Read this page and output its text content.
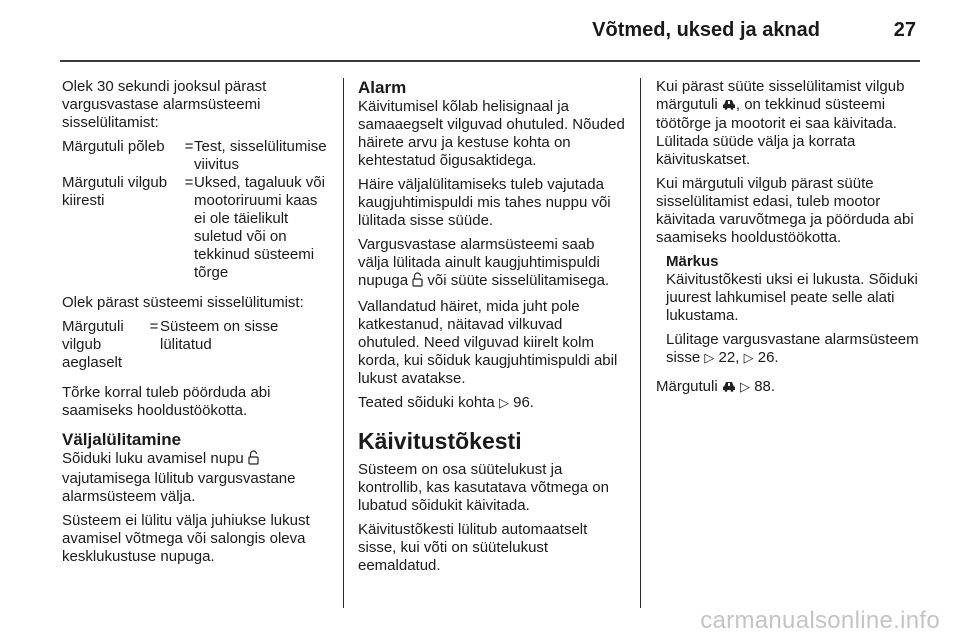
Võtmed, uksed ja aknad	27

Olek 30 sekundi jooksul pärast vargusvastase alarmsüsteemi sisselülitamist:

Märgutuli põleb	= Test, sisselülitumise viivitus
Märgutuli vilgub kiiresti
= Uksed, tagaluuk või mootoriruumi kaas ei ole täielikult suletud või on tekkinud süsteemi tõrge

Olek pärast süsteemi sisselülitumist:

Märgutuli vilgub aeglaselt
= Süsteem on sisse lülitatud

Tõrke korral tuleb pöörduda abi saamiseks hooldustöökotta.

Väljalülitamine

Sõiduki luku avamisel nupu  vajutamisega lülitub vargusvastane alarmsüsteem välja.

Süsteem ei lülitu välja juhiukse lukust avamisel võtmega või salongis oleva kesklukustuse nupuga.

Alarm

Käivitumisel kõlab helisignaal ja samaaegselt vilguvad ohutuled. Nõuded häirete arvu ja kestuse kohta on kehtestatud õigusaktidega.

Häire väljalülitamiseks tuleb vajutada kaugjuhtimispuldi mis tahes nuppu või lülitada sisse süüde.

Vargusvastase alarmsüsteemi saab välja lülitada ainult kaugjuhtimispuldi nupuga või süüte sisselülitamisega.

Vallandatud häiret, mida juht pole katkestanud, näitavad vilkuvad ohutuled. Need vilguvad kiirelt kolm korda, kui sõiduk kaugjuhtimispuldi abil lukust avatakse.

Teated sõiduki kohta ▷ 96.

Käivitustõkesti

Süsteem on osa süütelukust ja kontrollib, kas kasutatava võtmega on lubatud sõidukit käivitada.

Käivitustõkesti lülitub automaatselt sisse, kui võti on süütelukust eemaldatud.

Kui pärast süüte sisselülitamist vilgub märgutuli , on tekkinud süsteemi töötõrge ja mootorit ei saa käivitada. Lülitada süüde välja ja korrata käivituskatset.

Kui märgutuli vilgub pärast süüte sisselülitamist edasi, tuleb mootor käivitada varuvõtmega ja pöörduda abi saamiseks hooldustöökotta.

Märkus

Käivitustõkesti uksi ei lukusta. Sõiduki juurest lahkumisel peate selle alati lukustama.

Lülitage vargusvastane alarmsüsteem sisse ▷ 22, ▷ 26.

Märgutuli ▷ 88.

carmanualsonline.info
